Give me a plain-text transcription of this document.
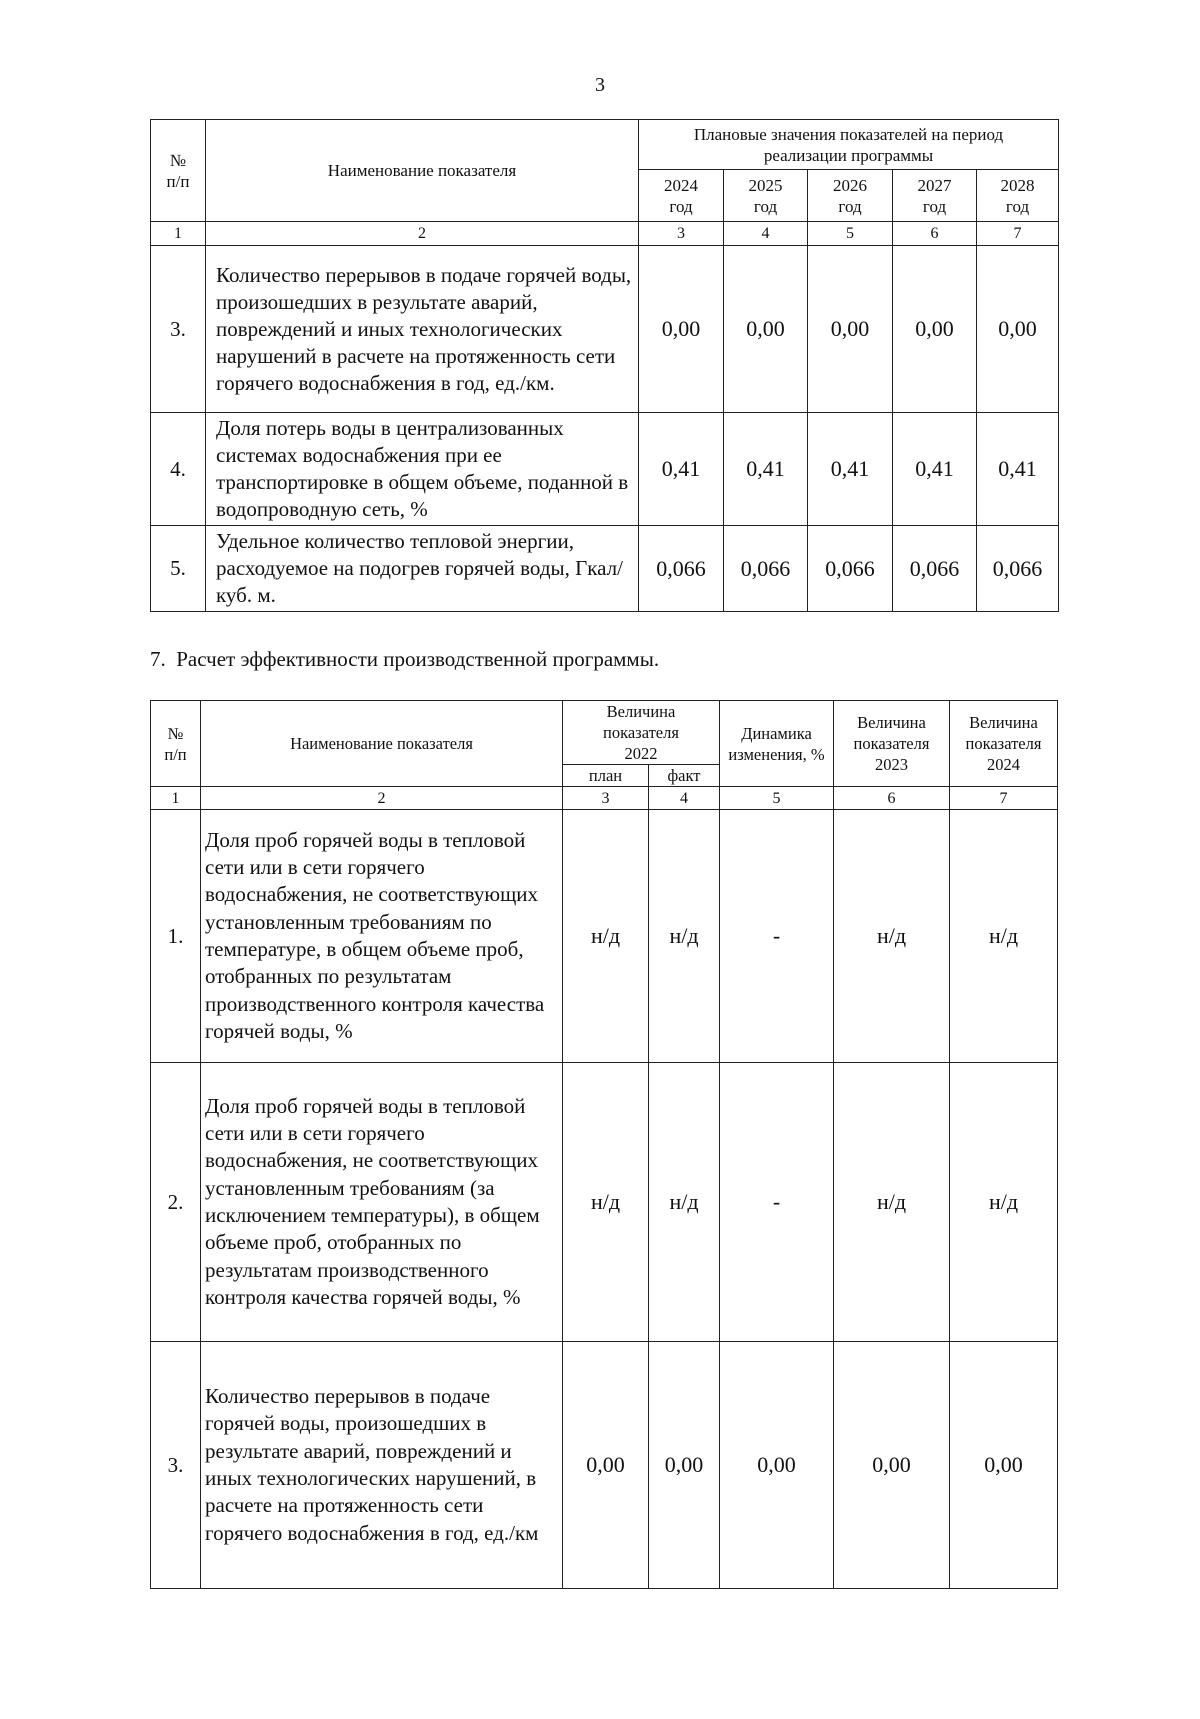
3
№ п/п	Наименование показателя	Плановые значения показателей на период реализации программы				
		2024 год	2025 год	2026 год	2027 год	2028 год
1	2	3	4	5	6	7
3.	Количество перерывов в подаче горячей воды, произошедших в результате аварий, повреждений и иных технологических нарушений в расчете на протяженность сети горячего водоснабжения в год, ед./км.	0,00	0,00	0,00	0,00	0,00
4.	Доля потерь воды в централизованных системах водоснабжения при ее транспортировке в общем объеме, поданной в водопроводную сеть, %	0,41	0,41	0,41	0,41	0,41
5.	Удельное количество тепловой энергии, расходуемое на подогрев горячей воды, Гкал/куб. м.	0,066	0,066	0,066	0,066	0,066
7.  Расчет эффективности производственной программы.
№ п/п	Наименование показателя	Величина показателя 2022		Динамика изменения, %	Величина показателя 2023	Величина показателя 2024

		план	факт			
1	2	3	4	5	6	7
1.	Доля проб горячей воды в тепловой сети или в сети горячего водоснабжения, не соответствующих установленным требованиям по температуре, в общем объеме проб, отобранных по результатам производственного контроля качества горячей воды, %	н/д	н/д	-	н/д	н/д
2.	Доля проб горячей воды в тепловой сети или в сети горячего водоснабжения, не соответствующих установленным требованиям (за исключением температуры), в общем объеме проб, отобранных по результатам производственного контроля качества горячей воды, %	н/д	н/д	-	н/д	н/д
3.	Количество перерывов в подаче горячей воды, произошедших в результате аварий, повреждений и иных технологических нарушений, в расчете на протяженность сети горячего водоснабжения в год, ед./км	0,00	0,00	0,00	0,00	0,00
